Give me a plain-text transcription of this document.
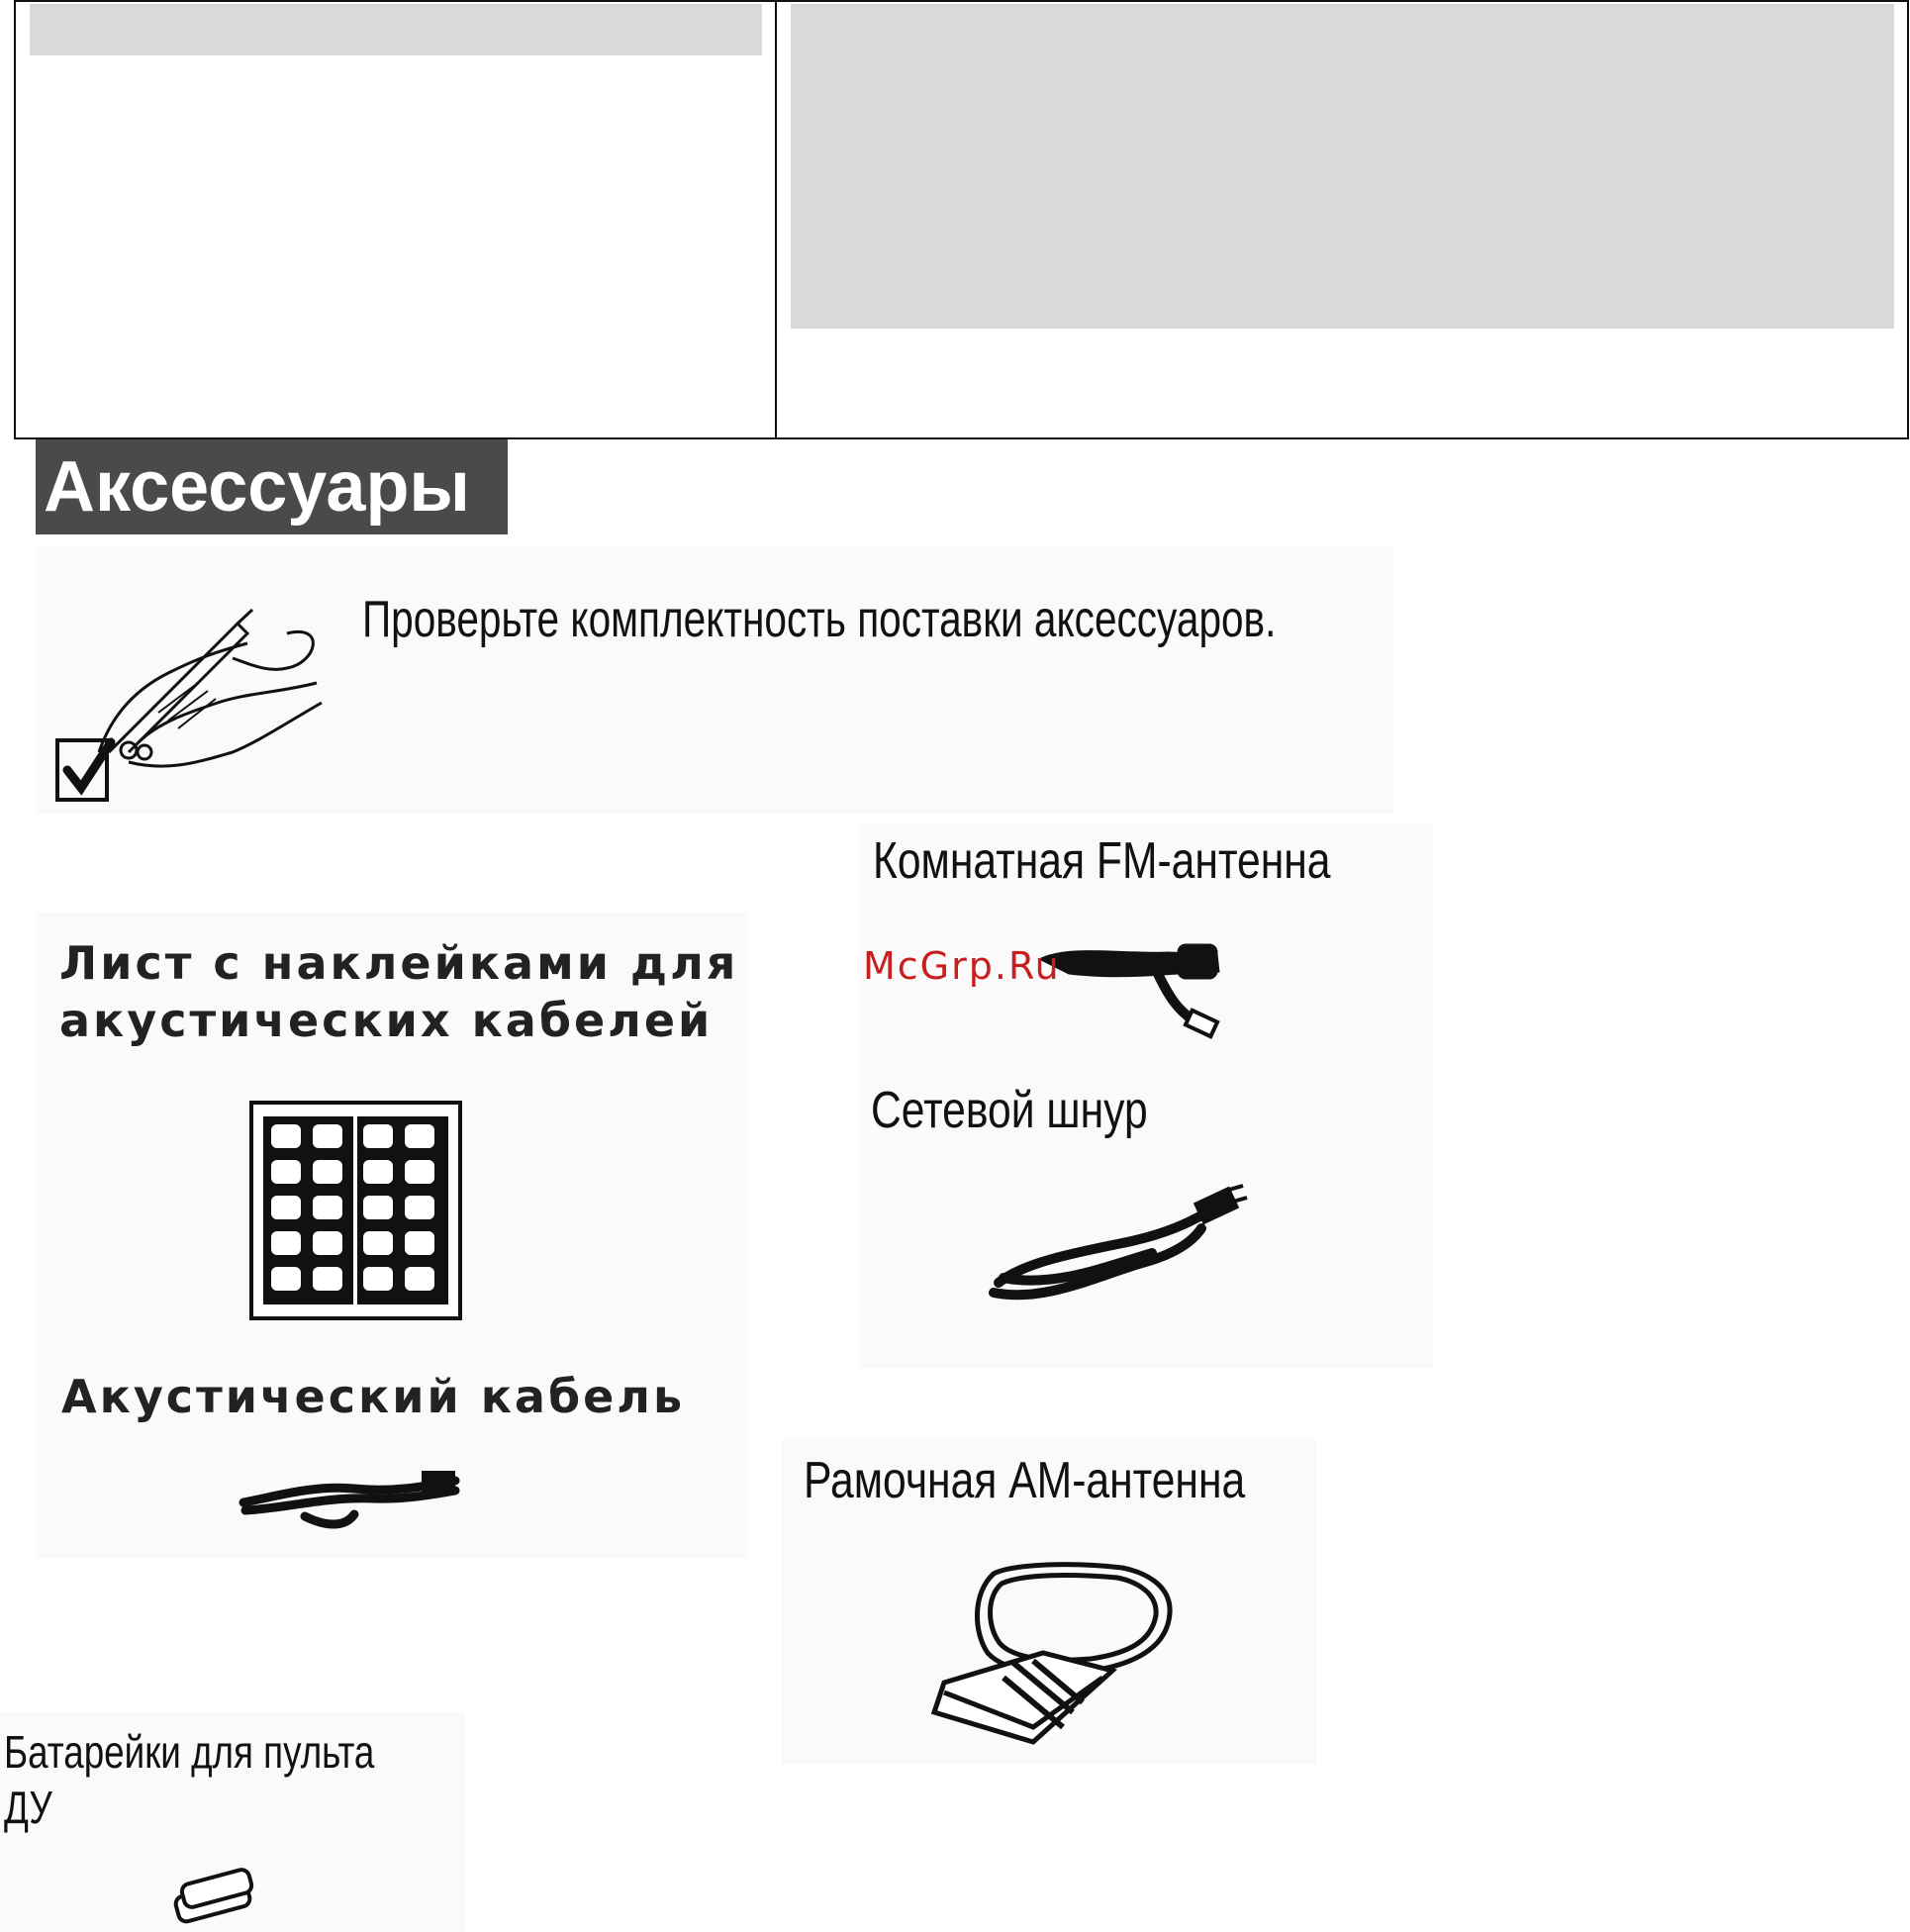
Аксессуары
Проверьте комплектность поставки аксессуаров.
Комнатная FM-антенна
Лист с наклейками для
акустических кабелей
Сетевой шнур
Акустический кабель
Рамочная АМ-антенна
Батарейки для пульта ДУ
McGrp.Ru
